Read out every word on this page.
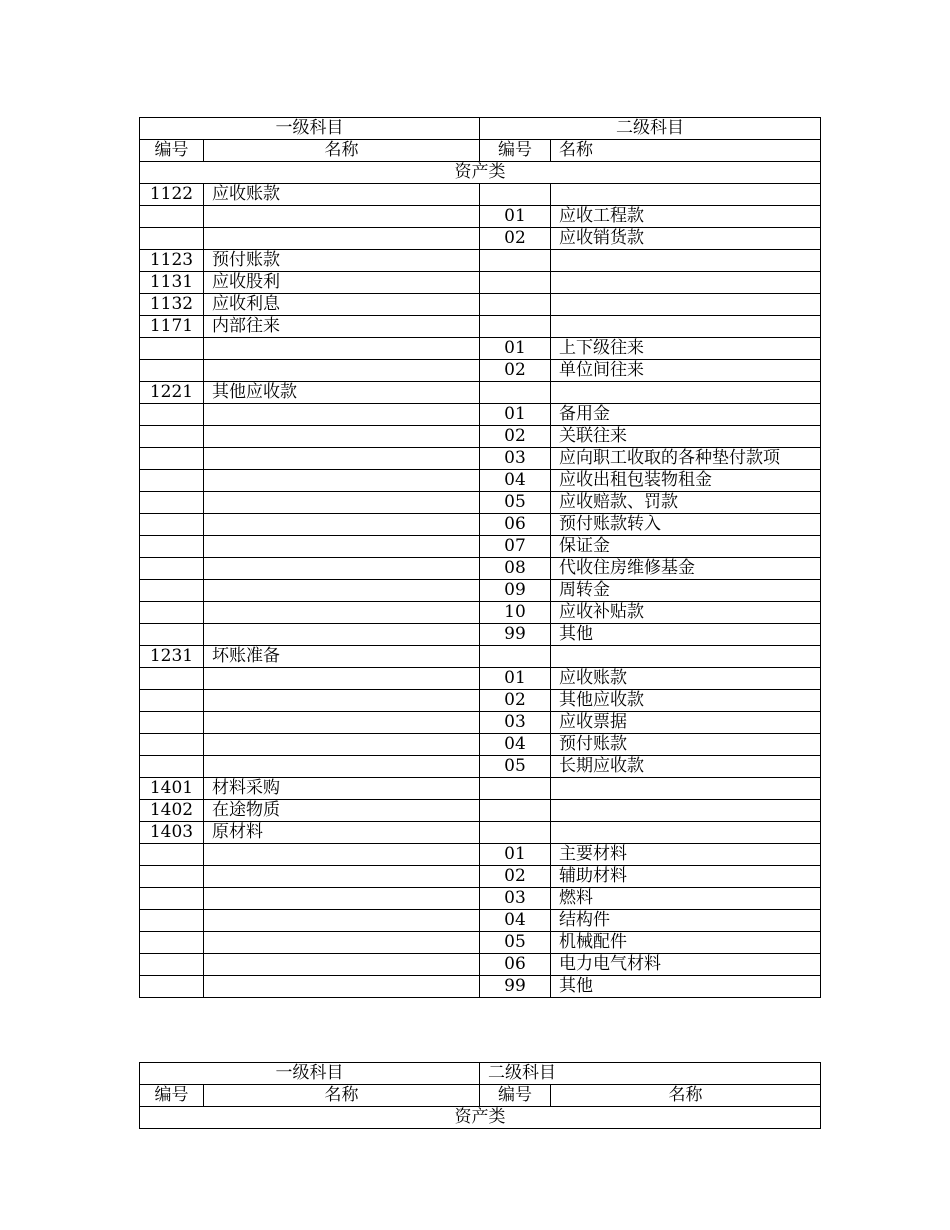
一级科目		二级科目	
编号	名称	编号	名称
资产类			
1122	应收账款		
		01	应收工程款
		02	应收销货款
1123	预付账款		
1131	应收股利		
1132	应收利息		
1171	内部往来		
		01	上下级往来
		02	单位间往来
1221	其他应收款		
		01	备用金
		02	关联往来
		03	应向职工收取的各种垫付款项
		04	应收出租包装物租金
		05	应收赔款、罚款
		06	预付账款转入
		07	保证金
		08	代收住房维修基金
		09	周转金
		10	应收补贴款
		99	其他
1231	坏账准备		
		01	应收账款
		02	其他应收款
		03	应收票据
		04	预付账款
		05	长期应收款
1401	材料采购		
1402	在途物质		
1403	原材料		
		01	主要材料
		02	辅助材料
		03	燃料
		04	结构件
		05	机械配件
		06	电力电气材料
		99	其他
一级科目		二级科目	
编号	名称	编号	名称
资产类			
